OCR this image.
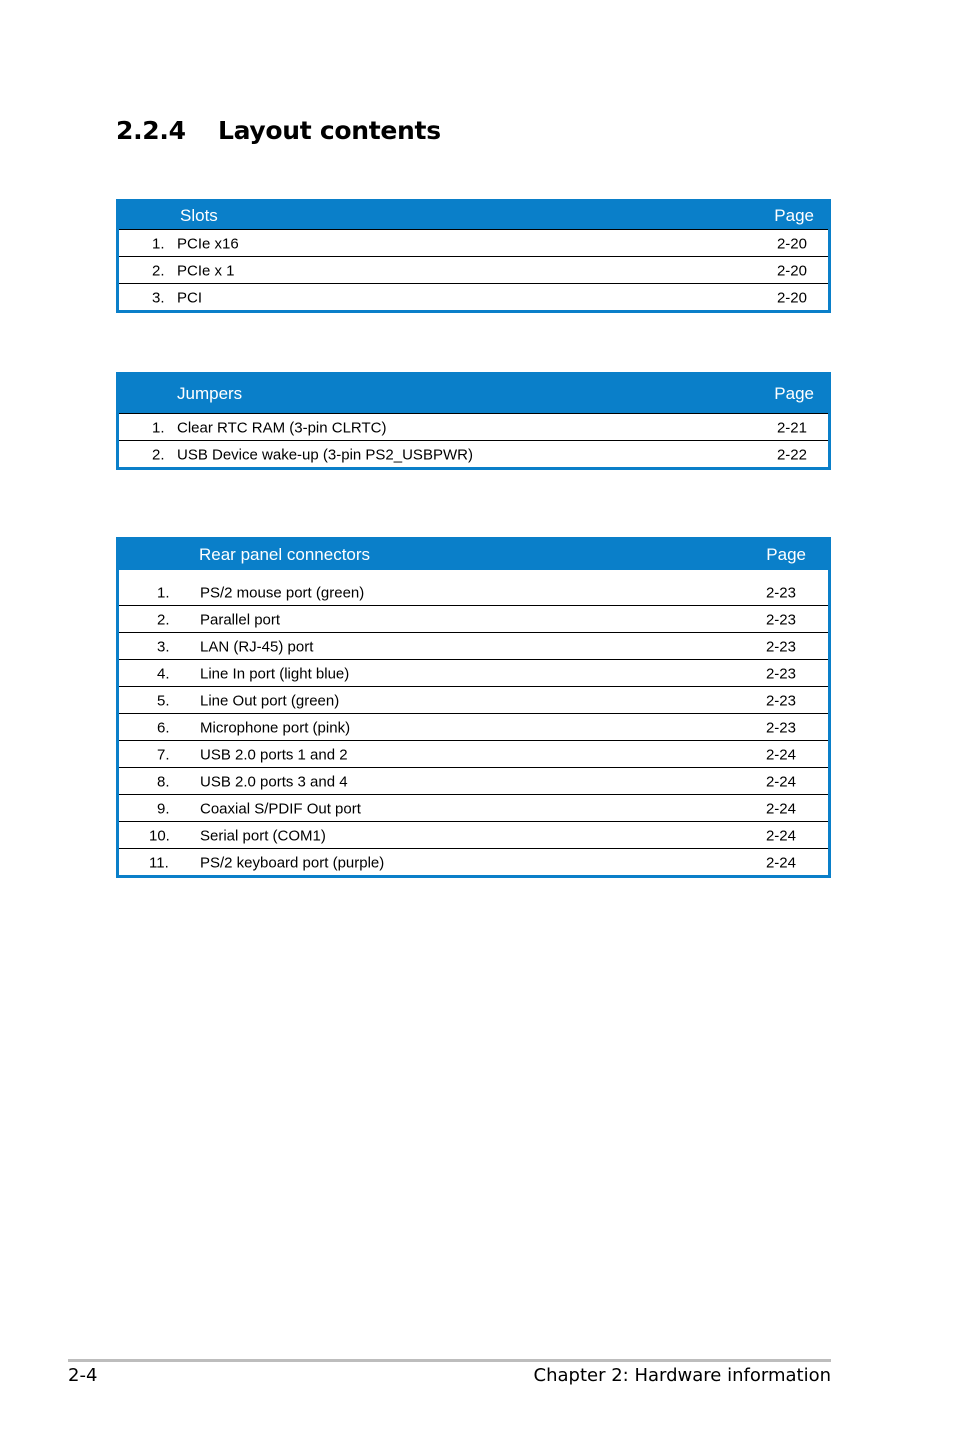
2.2.4 Layout contents
Slots	Page
1. PCIe x16	2-20
2. PCIe x 1	2-20
3. PCI	2-20
Jumpers	Page
1. Clear RTC RAM (3-pin CLRTC)	2-21
2. USB Device wake-up (3-pin PS2_USBPWR)	2-22
Rear panel connectors	Page
1. PS/2 mouse port (green)	2-23
2. Parallel port	2-23
3. LAN (RJ-45) port	2-23
4. Line In port (light blue)	2-23
5. Line Out port (green)	2-23
6. Microphone port (pink)	2-23
7. USB 2.0 ports 1 and 2	2-24
8. USB 2.0 ports 3 and 4	2-24
9. Coaxial S/PDIF Out port	2-24
10. Serial port (COM1)	2-24
11. PS/2 keyboard port (purple)	2-24
2-4	Chapter 2: Hardware information
